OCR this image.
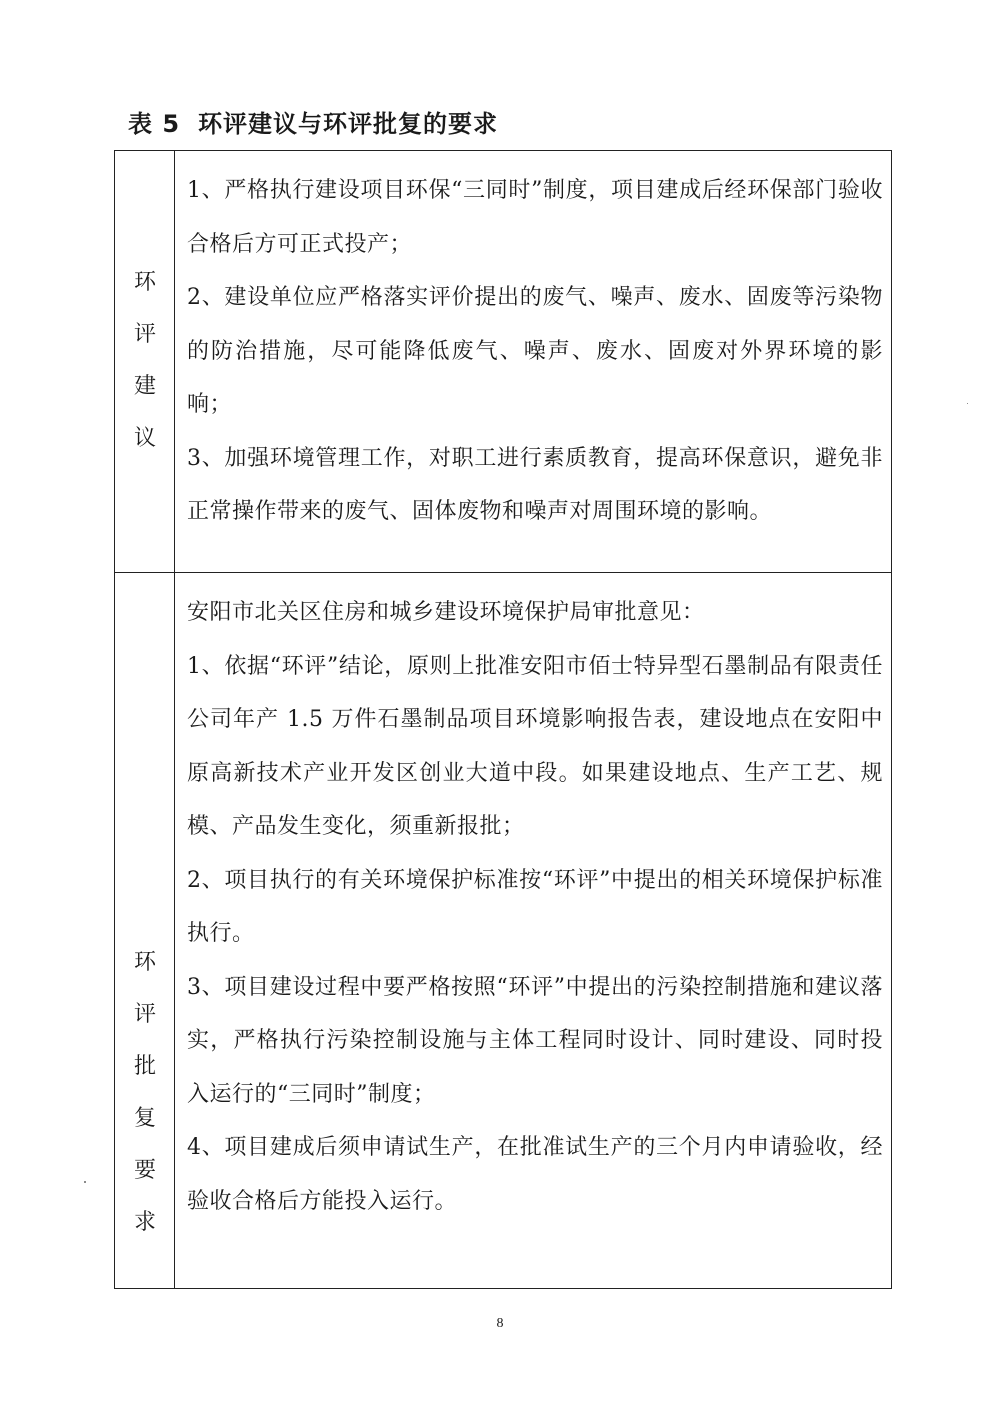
表 5 环评建议与环评批复的要求
环
评
建
议

1、严格执行建设项目环保“三同时”制度，项目建成后经环保部门验收合格后方可正式投产；

2、建设单位应严格落实评价提出的废气、噪声、废水、固废等污染物的防治措施，尽可能降低废气、噪声、废水、固废对外界环境的影响；

3、加强环境管理工作，对职工进行素质教育，提高环保意识，避免非正常操作带来的废气、固体废物和噪声对周围环境的影响。

环
评
批
复
要
求

安阳市北关区住房和城乡建设环境保护局审批意见：

1、依据“环评”结论，原则上批准安阳市佰士特异型石墨制品有限责任公司年产 1.5 万件石墨制品项目环境影响报告表，建设地点在安阳中原高新技术产业开发区创业大道中段。如果建设地点、生产工艺、规模、产品发生变化，须重新报批；

2、项目执行的有关环境保护标准按“环评”中提出的相关环境保护标准执行。

3、项目建设过程中要严格按照“环评”中提出的污染控制措施和建议落实，严格执行污染控制设施与主体工程同时设计、同时建设、同时投入运行的“三同时”制度；

4、项目建成后须申请试生产，在批准试生产的三个月内申请验收，经验收合格后方能投入运行。

8
